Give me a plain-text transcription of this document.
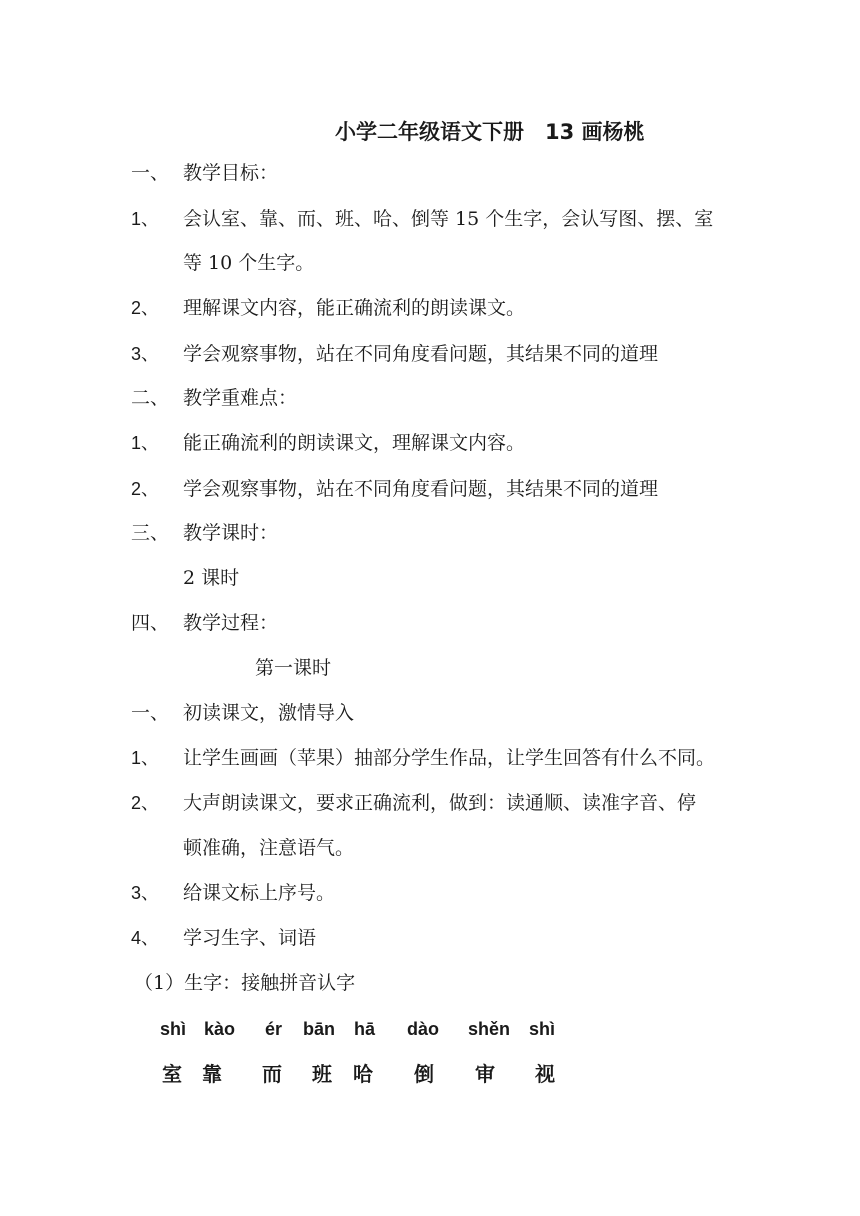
小学二年级语文下册　13 画杨桃
一、 教学目标：
1、 会认室、靠、而、班、哈、倒等 15 个生字，会认写图、摆、室
等 10 个生字。
2、 理解课文内容，能正确流利的朗读课文。
3、 学会观察事物，站在不同角度看问题，其结果不同的道理
二、 教学重难点：
1、 能正确流利的朗读课文，理解课文内容。
2、 学会观察事物，站在不同角度看问题，其结果不同的道理
三、 教学课时：
2 课时
四、 教学过程：
第一课时
一、 初读课文，激情导入
1、 让学生画画（苹果）抽部分学生作品，让学生回答有什么不同。
2、 大声朗读课文，要求正确流利，做到：读通顺、读准字音、停
顿准确，注意语气。
3、 给课文标上序号。
4、 学习生字、词语
（1）生字：接触拼音认字
shì kào ér bān hā dào shěn shì
室 靠 而 班 哈 倒 审 视
